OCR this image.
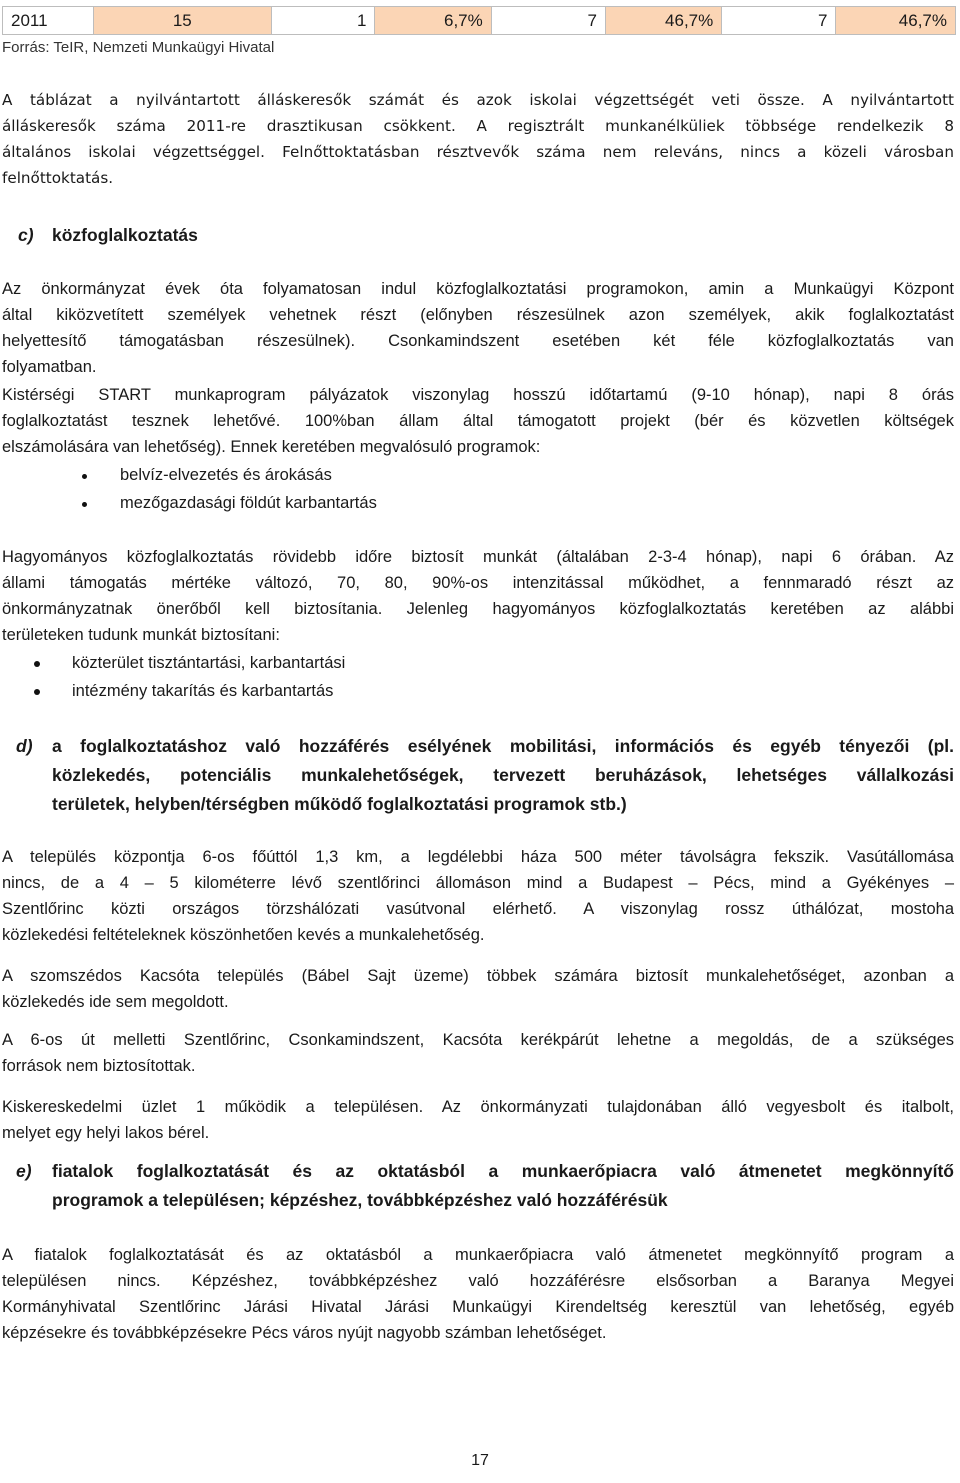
2011	15	1	6,7%	7	46,7%	7	46,7%
Forrás: TeIR, Nemzeti Munkaügyi Hivatal
A táblázat a nyilvántartott álláskeresők számát és azok iskolai végzettségét veti össze. A nyilvántartott
álláskeresők száma 2011-re drasztikusan csökkent. A regisztrált munkanélküliek többsége rendelkezik 8
általános iskolai végzettséggel. Felnőttoktatásban résztvevők száma nem releváns, nincs a közeli városban
felnőttoktatás.
c) közfoglalkoztatás
Az önkormányzat évek óta folyamatosan indul közfoglalkoztatási programokon, amin a Munkaügyi Központ
által kiközvetített személyek vehetnek részt (előnyben részesülnek azon személyek, akik foglalkoztatást
helyettesítő támogatásban részesülnek). Csonkamindszent esetében két féle közfoglalkoztatás van
folyamatban.
Kistérségi START munkaprogram pályázatok viszonylag hosszú időtartamú (9-10 hónap), napi 8 órás
foglalkoztatást tesznek lehetővé. 100%ban állam által támogatott projekt (bér és közvetlen költségek
elszámolására van lehetőség). Ennek keretében megvalósuló programok:
belvíz-elvezetés és árokásás
mezőgazdasági földút karbantartás
Hagyományos közfoglalkoztatás rövidebb időre biztosít munkát (általában 2-3-4 hónap), napi 6 órában. Az
állami támogatás mértéke változó, 70, 80, 90%-os intenzitással működhet, a fennmaradó részt az
önkormányzatnak önerőből kell biztosítania. Jelenleg hagyományos közfoglalkoztatás keretében az alábbi
területeken tudunk munkát biztosítani:
közterület tisztántartási, karbantartási
intézmény takarítás és karbantartás
d) a foglalkoztatáshoz való hozzáférés esélyének mobilitási, információs és egyéb tényezői (pl.
közlekedés, potenciális munkalehetőségek, tervezett beruházások, lehetséges vállalkozási
területek, helyben/térségben működő foglalkoztatási programok stb.)
A település központja 6-os főúttól 1,3 km, a legdélebbi háza 500 méter távolságra fekszik. Vasútállomása
nincs, de a 4 – 5 kilométerre lévő szentlőrinci állomáson mind a Budapest – Pécs, mind a Gyékényes –
Szentlőrinc közti országos törzshálózati vasútvonal elérhető. A viszonylag rossz úthálózat, mostoha
közlekedési feltételeknek köszönhetően kevés a munkalehetőség.
A szomszédos Kacsóta település (Bábel Sajt üzeme) többek számára biztosít munkalehetőséget, azonban a
közlekedés ide sem megoldott.
A 6-os út melletti Szentlőrinc, Csonkamindszent, Kacsóta kerékpárút lehetne a megoldás, de a szükséges
források nem biztosítottak.
Kiskereskedelmi üzlet 1 működik a településen. Az önkormányzati tulajdonában álló vegyesbolt és italbolt,
melyet egy helyi lakos bérel.
e) fiatalok foglalkoztatását és az oktatásból a munkaerőpiacra való átmenetet megkönnyítő
programok a településen; képzéshez, továbbképzéshez való hozzáférésük
A fiatalok foglalkoztatását és az oktatásból a munkaerőpiacra való átmenetet megkönnyítő program a
településen nincs. Képzéshez, továbbképzéshez való hozzáférésre elsősorban a Baranya Megyei
Kormányhivatal Szentlőrinc Járási Hivatal Járási Munkaügyi Kirendeltség keresztül van lehetőség, egyéb
képzésekre és továbbképzésekre Pécs város nyújt nagyobb számban lehetőséget.
17
